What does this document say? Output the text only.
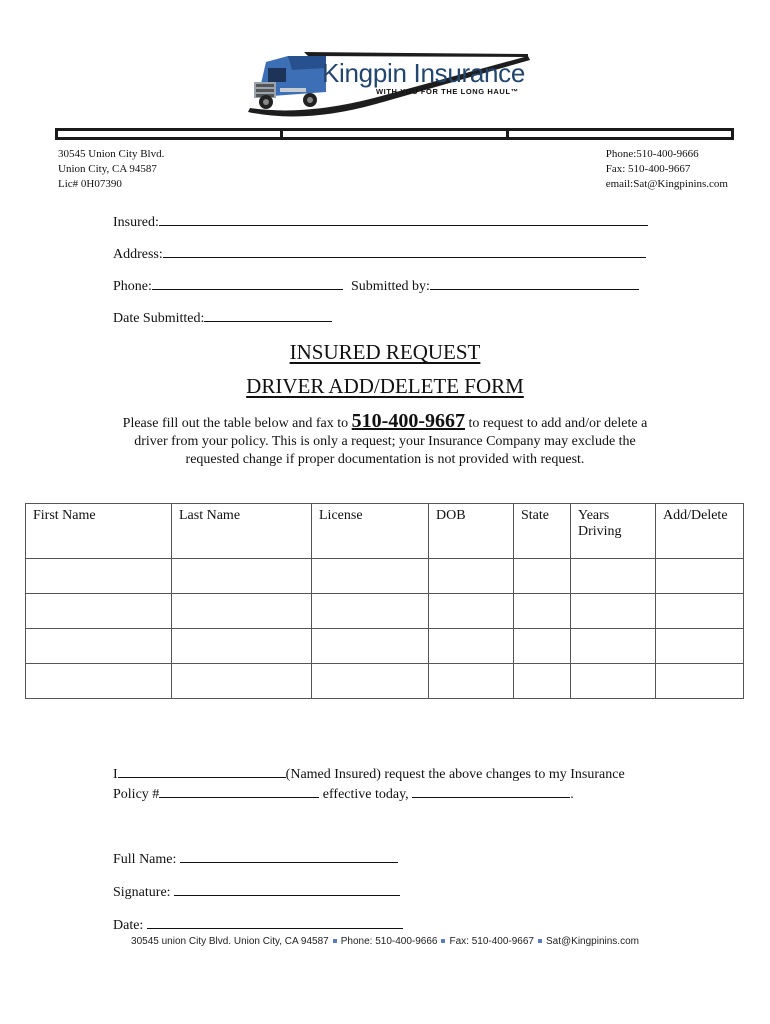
Kingpin Insurance
WITH YOU FOR THE LONG HAUL™
30545 Union City Blvd.
Union City, CA 94587
Lic# 0H07390
Phone:510-400-9666
Fax: 510-400-9667
email:Sat@Kingpinins.com
Insured:
Address:
Phone:	Submitted by:
Date Submitted:
INSURED REQUEST
DRIVER ADD/DELETE FORM
Please fill out the table below and fax to 510-400-9667 to request to add and/or delete a driver from your policy. This is only a request; your Insurance Company may exclude the requested change if proper documentation is not provided with request.
First Name	Last Name	License	DOB	State	Years Driving	Add/Delete

I	(Named Insured) request the above changes to my Insurance
Policy #	effective today,	.
Full Name:
Signature:
Date:
30545 union City Blvd. Union City, CA 94587 Phone: 510-400-9666 Fax: 510-400-9667 Sat@Kingpinins.com
